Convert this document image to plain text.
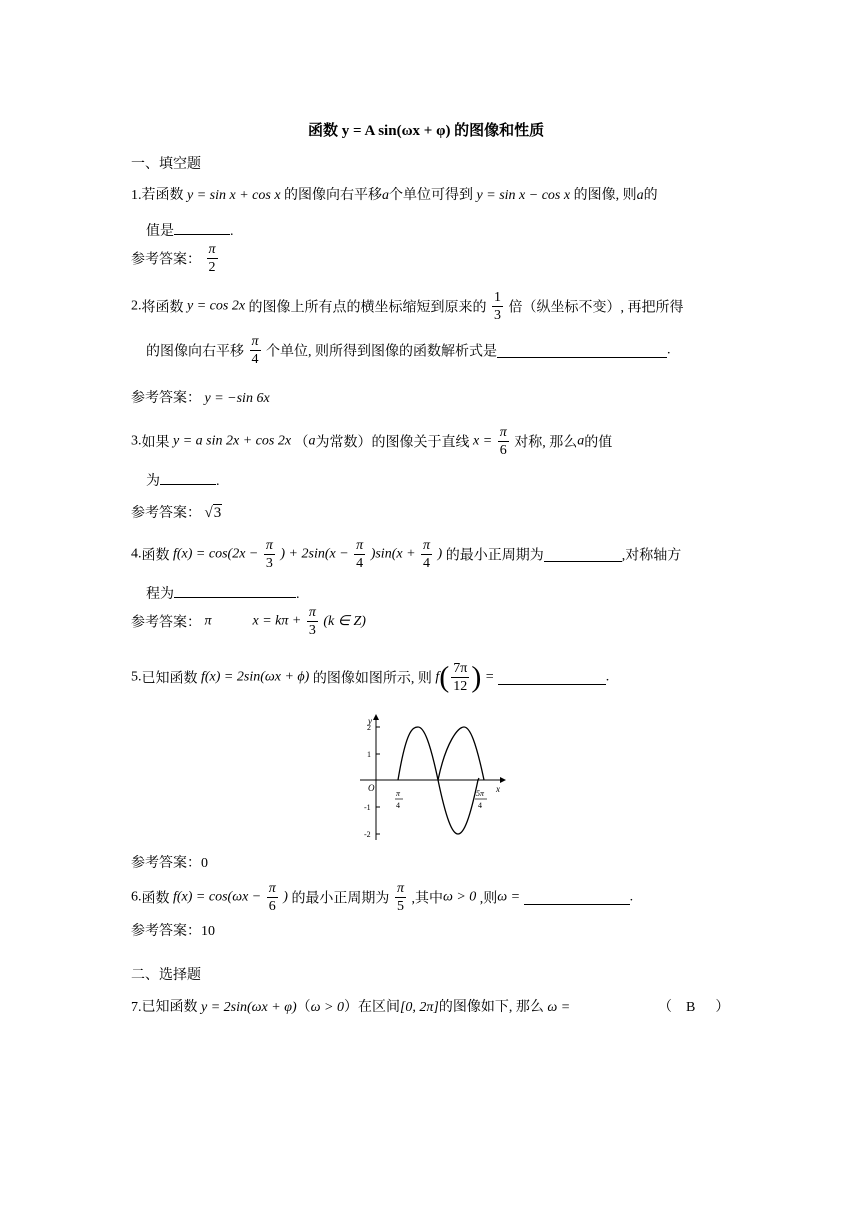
函数 y = A sin(ωx + φ) 的图像和性质
一、填空题
1.若函数 y = sin x + cos x 的图像向右平移a个单位可得到 y = sin x − cos x 的图像, 则a的
值是	.
参考答案： $\frac{\pi}{2}$
2.将函数 y = cos 2x 的图像上所有点的横坐标缩短到原来的 $\frac{1}{3}$ 倍（纵坐标不变）, 再把所得
的图像向右平移 $\frac{\pi}{4}$ 个单位, 则所得到图像的函数解析式是	.
参考答案： y = −sin 6x
3.如果 y = a sin 2x + cos 2x （a为常数）的图像关于直线 $x = \frac{\pi}{6}$ 对称, 那么a的值
为	.
参考答案： √3
4.函数 $f(x) = \cos(2x - \frac{\pi}{3}$ ) + $2\sin(x - \frac{\pi}{4} )\sin(x + \frac{\pi}{4}$ ) 的最小正周期为	,对称轴方
程为	.
参考答案： π	$x = k\pi + \frac{\pi}{3} (k$ ∈ Z)
5.已知函数 f(x) = 2sin(ωx + ϕ) 的图像如图所示, 则 $f( \frac{7\pi}{12}$ ) =	.
y
x
O
2
1
-1
-2
π
4
5π
4
参考答案：0
6.函数 $f(x) = \cos(\omega x - \frac{\pi}{6}$ ) 的最小正周期为 $\frac{\pi}{5}$ ,其中ω > 0 ,则ω =	.
参考答案：10
二、选择题
7.已知函数 y = 2sin(ωx + φ)（ω > 0）在区间[0, 2π]的图像如下, 那么 ω =	（ B ）
